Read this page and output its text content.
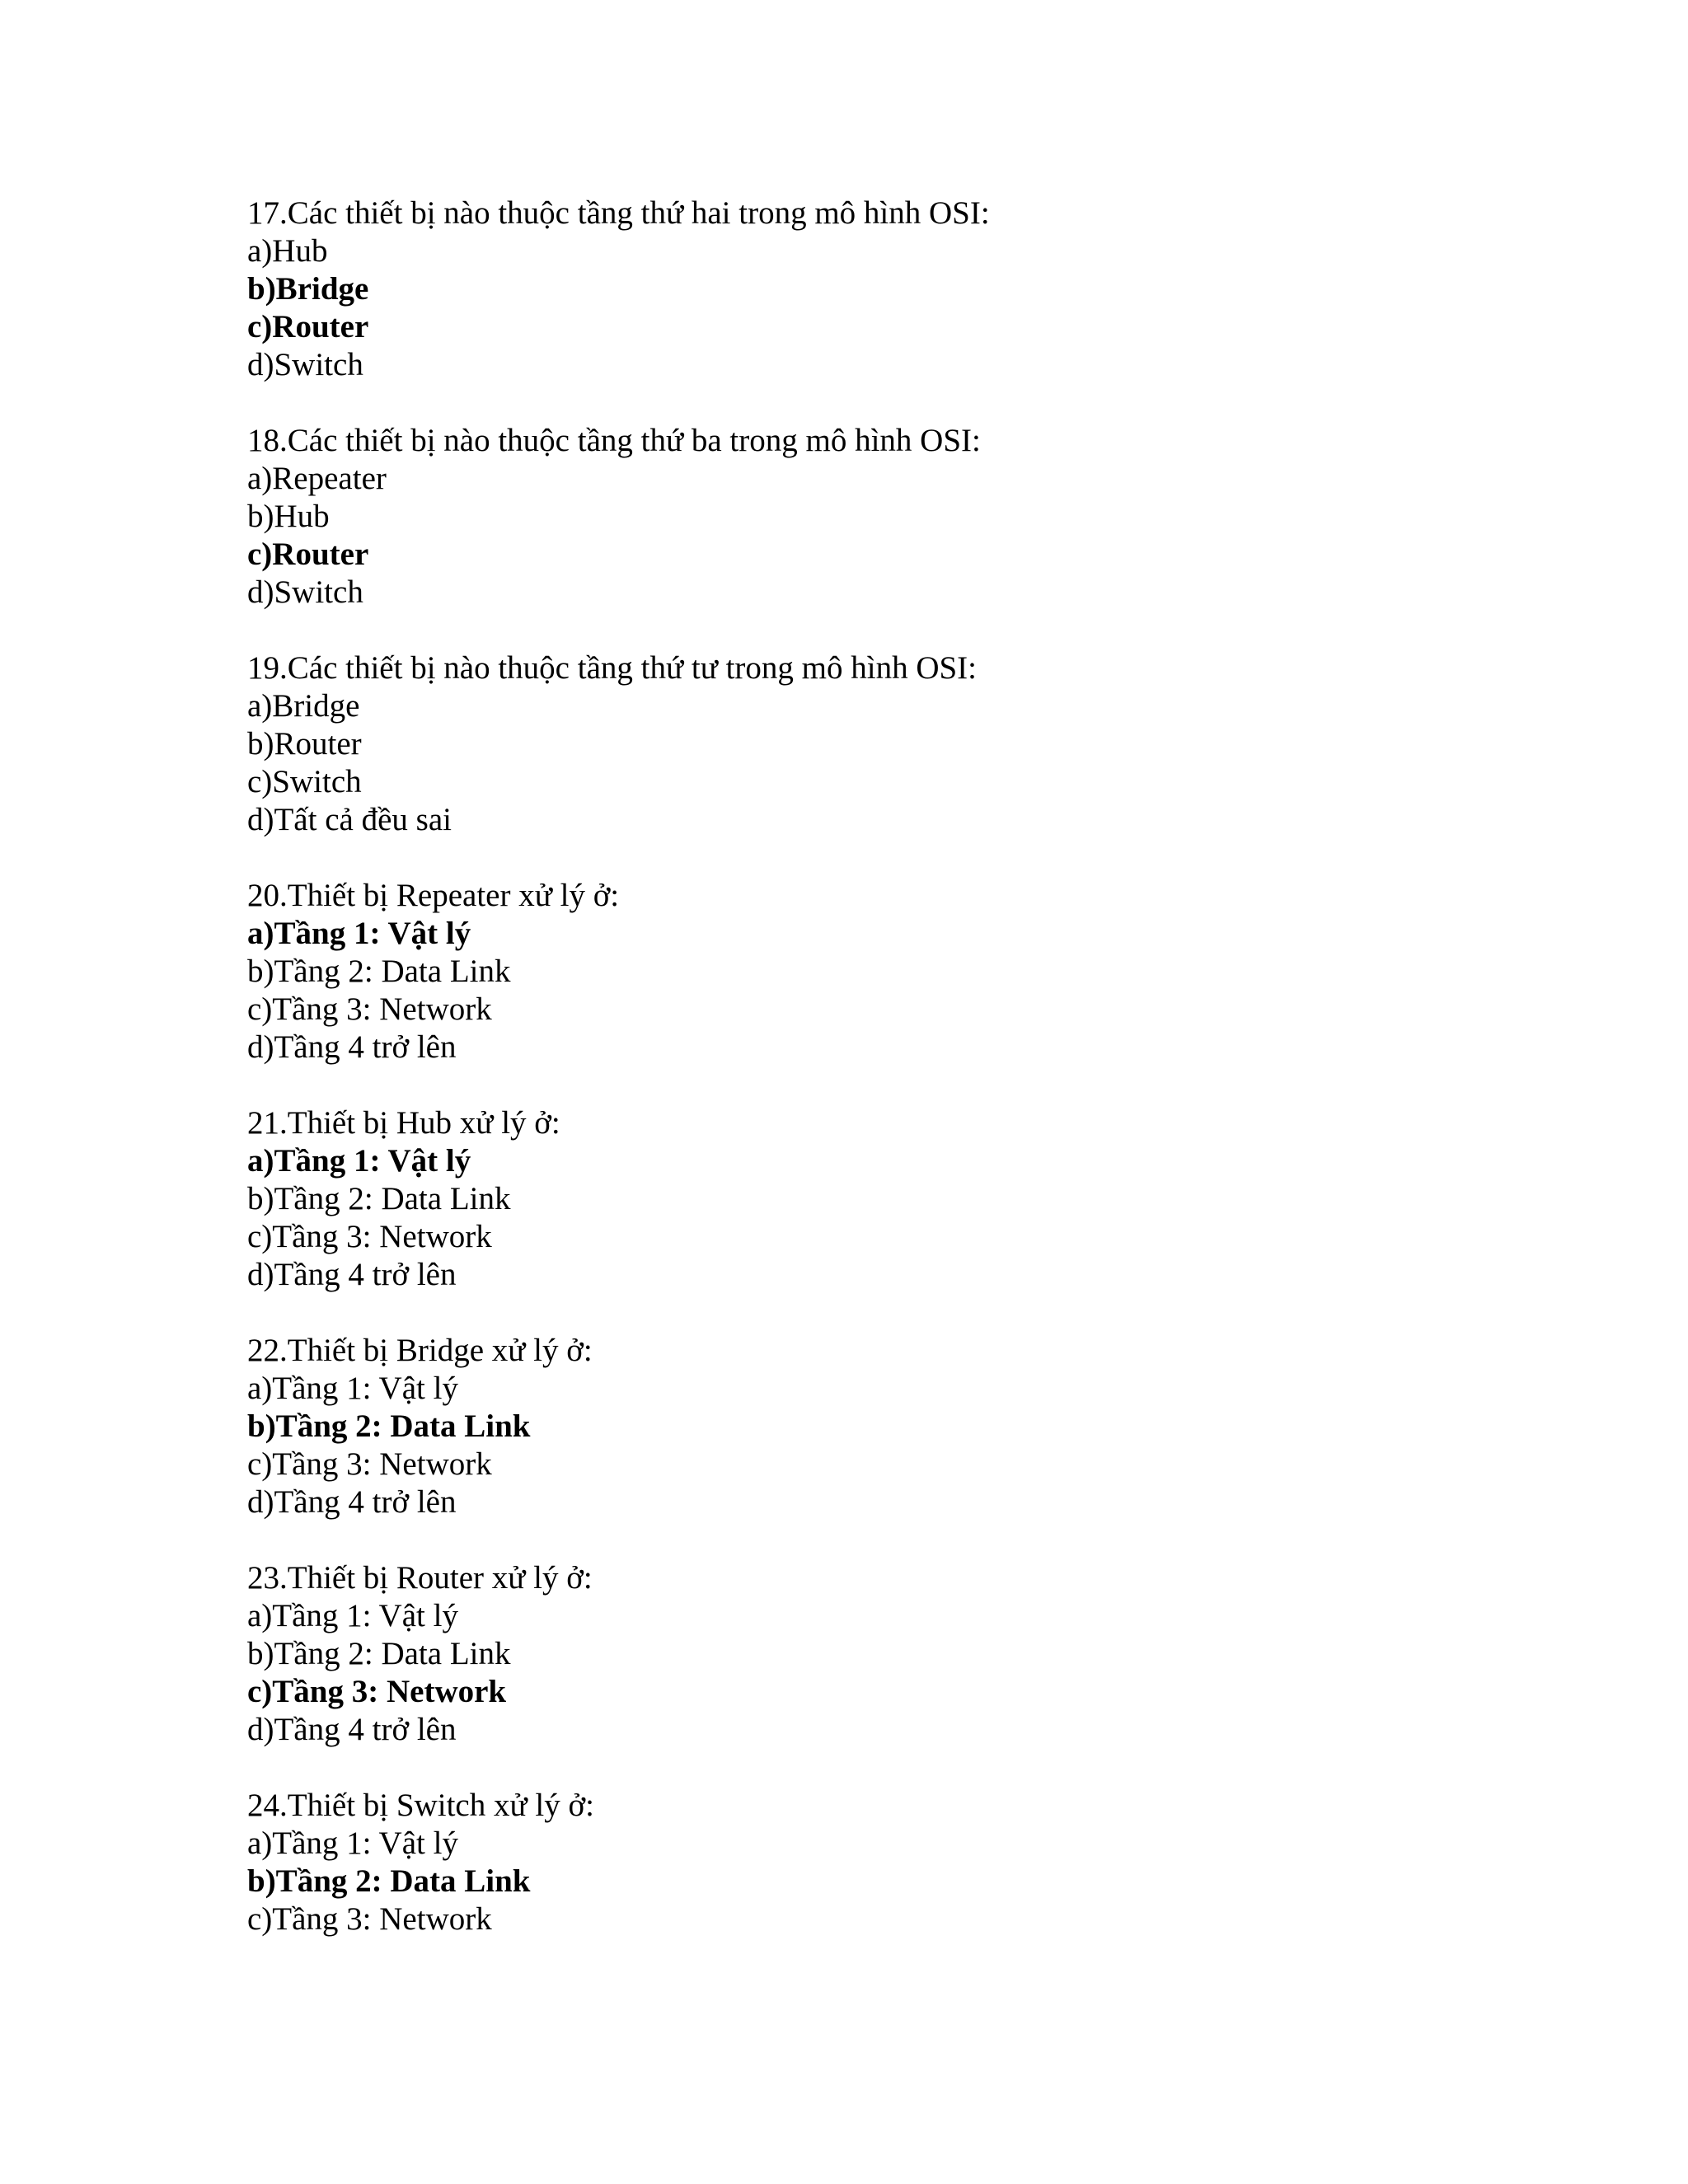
17.Các thiết bị nào thuộc tầng thứ hai trong mô hình OSI:
a)Hub
b)Bridge
c)Router
d)Switch
18.Các thiết bị nào thuộc tầng thứ ba trong mô hình OSI:
a)Repeater
b)Hub
c)Router
d)Switch
19.Các thiết bị nào thuộc tầng thứ tư trong mô hình OSI:
a)Bridge
b)Router
c)Switch
d)Tất cả đều sai
20.Thiết bị Repeater xử lý ở:
a)Tầng 1: Vật lý
b)Tầng 2: Data Link
c)Tầng 3: Network
d)Tầng 4 trở lên
21.Thiết bị Hub xử lý ở:
a)Tầng 1: Vật lý
b)Tầng 2: Data Link
c)Tầng 3: Network
d)Tầng 4 trở lên
22.Thiết bị Bridge xử lý ở:
a)Tầng 1: Vật lý
b)Tầng 2: Data Link
c)Tầng 3: Network
d)Tầng 4 trở lên
23.Thiết bị Router xử lý ở:
a)Tầng 1: Vật lý
b)Tầng 2: Data Link
c)Tầng 3: Network
d)Tầng 4 trở lên
24.Thiết bị Switch xử lý ở:
a)Tầng 1: Vật lý
b)Tầng 2: Data Link
c)Tầng 3: Network
